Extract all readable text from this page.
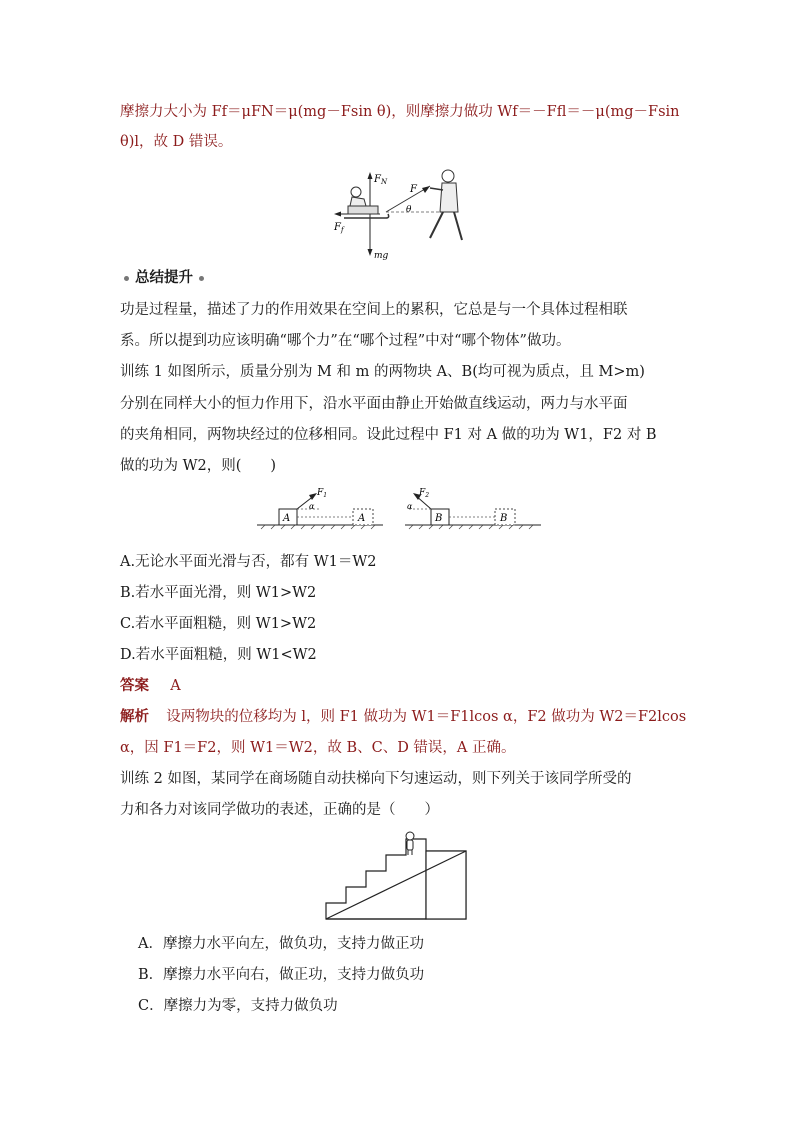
摩擦力大小为 Ff＝μFN＝μ(mg－Fsin θ)，则摩擦力做功 Wf＝－Ffl＝－μ(mg－Fsin
θ)l，故 D 错误。
$F_N$
F
$F_f$
θ
mg
总结提升
功是过程量，描述了力的作用效果在空间上的累积，它总是与一个具体过程相联
系。所以提到功应该明确“哪个力”在“哪个过程”中对“哪个物体”做功。
训练 1 如图所示，质量分别为 M 和 m 的两物块 A、B(均可视为质点，且 M>m)
分别在同样大小的恒力作用下，沿水平面由静止开始做直线运动，两力与水平面
的夹角相同，两物块经过的位移相同。设此过程中 F1 对 A 做的功为 W1，F2 对 B
做的功为 W2，则(　　)
A
$F_1$
α
A	B
$F_2$
α
B
A.无论水平面光滑与否，都有 W1＝W2
B.若水平面光滑，则 W1>W2
C.若水平面粗糙，则 W1>W2
D.若水平面粗糙，则 W1<W2
答案 A
解析 设两物块的位移均为 l，则 F1 做功为 W1＝F1lcos α，F2 做功为 W2＝F2lcos
α，因 F1＝F2，则 W1＝W2，故 B、C、D 错误，A 正确。
训练 2 如图，某同学在商场随自动扶梯向下匀速运动，则下列关于该同学所受的
力和各力对该同学做功的表述，正确的是（　　）
A．摩擦力水平向左，做负功，支持力做正功
B．摩擦力水平向右，做正功，支持力做负功
C．摩擦力为零，支持力做负功
